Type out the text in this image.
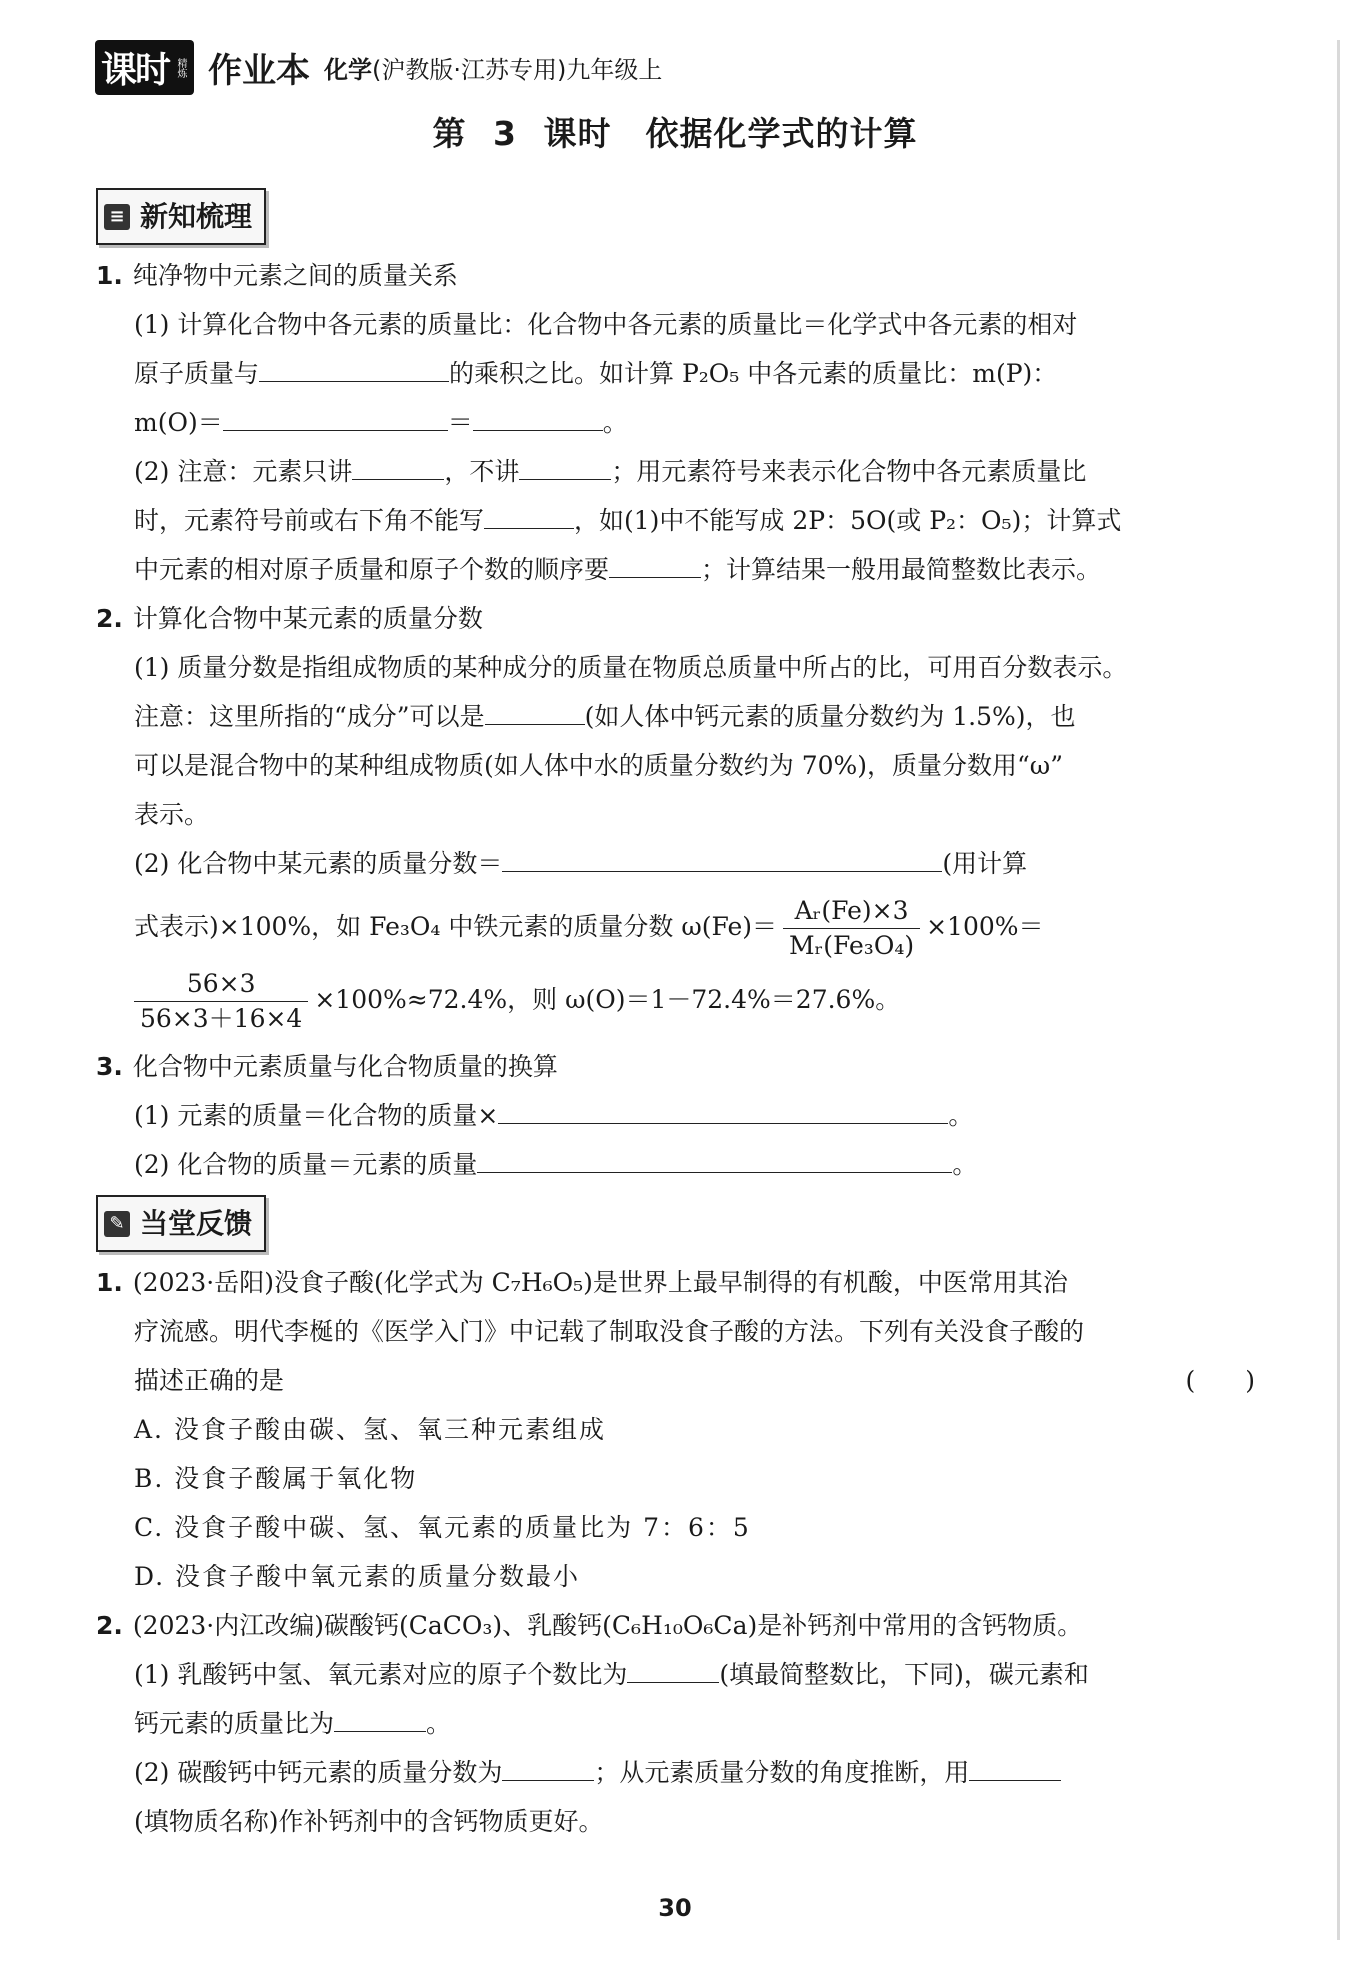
课时 精炼 作业本 化学(沪教版·江苏专用)九年级上
第 3 课时　依据化学式的计算
≡ 新知梳理
1. 纯净物中元素之间的质量关系
(1) 计算化合物中各元素的质量比：化合物中各元素的质量比＝化学式中各元素的相对
原子质量与	的乘积之比。如计算 P₂O₅ 中各元素的质量比：m(P)：
m(O)＝	＝	。
(2) 注意：元素只讲	，不讲	；用元素符号来表示化合物中各元素质量比
时，元素符号前或右下角不能写	，如(1)中不能写成 2P：5O(或 P₂：O₅)；计算式
中元素的相对原子质量和原子个数的顺序要	；计算结果一般用最简整数比表示。
2. 计算化合物中某元素的质量分数
(1) 质量分数是指组成物质的某种成分的质量在物质总质量中所占的比，可用百分数表示。
注意：这里所指的“成分”可以是	(如人体中钙元素的质量分数约为 1.5%)，也
可以是混合物中的某种组成物质(如人体中水的质量分数约为 70%)，质量分数用“ω”
表示。
(2) 化合物中某元素的质量分数＝	(用计算
式表示)×100%，如 Fe₃O₄ 中铁元素的质量分数 $\omega(Fe)= \frac{\text{Aᵣ(Fe)×3}}{\text{Mᵣ(Fe₃O₄)}} \times 100\%=$
$\frac{56\times 3}{56\times 3+16\times 4} \times 100\%\approx 72.4\%$，则 ω(O)＝1－72.4%＝27.6%。
3. 化合物中元素质量与化合物质量的换算
(1) 元素的质量＝化合物的质量×	。
(2) 化合物的质量＝元素的质量	。
✎ 当堂反馈
1. (2023·岳阳)没食子酸(化学式为 C₇H₆O₅)是世界上最早制得的有机酸，中医常用其治
疗流感。明代李梴的《医学入门》中记载了制取没食子酸的方法。下列有关没食子酸的
描述正确的是	(　　)
A. 没食子酸由碳、氢、氧三种元素组成
B. 没食子酸属于氧化物
C. 没食子酸中碳、氢、氧元素的质量比为 7：6：5
D. 没食子酸中氧元素的质量分数最小
2. (2023·内江改编)碳酸钙(CaCO₃)、乳酸钙(C₆H₁₀O₆Ca)是补钙剂中常用的含钙物质。
(1) 乳酸钙中氢、氧元素对应的原子个数比为	(填最简整数比，下同)，碳元素和
钙元素的质量比为	。
(2) 碳酸钙中钙元素的质量分数为	；从元素质量分数的角度推断，用
(填物质名称)作补钙剂中的含钙物质更好。
30
